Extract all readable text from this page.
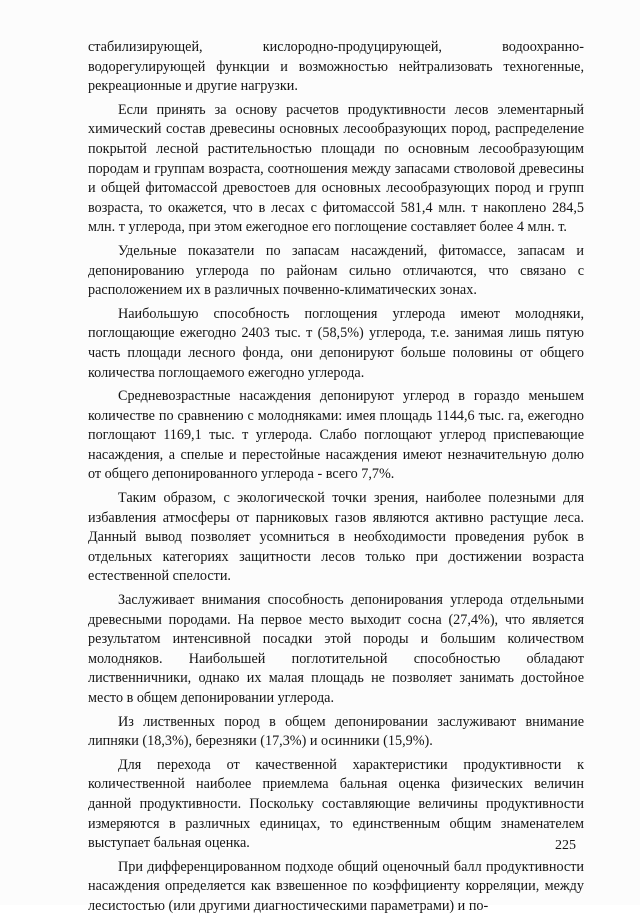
стабилизирующей, кислородно-продуцирующей, водоохранно-водорегулирующей функции и возможностью нейтрализовать техногенные, рекреационные и другие нагрузки.

Если принять за основу расчетов продуктивности лесов элементарный химический состав древесины основных лесообразующих пород, распределение покрытой лесной растительностью площади по основным лесообразующим породам и группам возраста, соотношения между запасами стволовой древесины и общей фитомассой древостоев для основных лесообразующих пород и групп возраста, то окажется, что в лесах с фитомассой 581,4 млн. т накоплено 284,5 млн. т углерода, при этом ежегодное его поглощение составляет более 4 млн. т.

Удельные показатели по запасам насаждений, фитомассе, запасам и депонированию углерода по районам сильно отличаются, что связано с расположением их в различных почвенно-климатических зонах.

Наибольшую способность поглощения углерода имеют молодняки, поглощающие ежегодно 2403 тыс. т (58,5%) углерода, т.е. занимая лишь пятую часть площади лесного фонда, они депонируют больше половины от общего количества поглощаемого ежегодно углерода.

Средневозрастные насаждения депонируют углерод в гораздо меньшем количестве по сравнению с молодняками: имея площадь 1144,6 тыс. га, ежегодно поглощают 1169,1 тыс. т углерода. Слабо поглощают углерод приспевающие насаждения, а спелые и перестойные насаждения имеют незначительную долю от общего депонированного углерода - всего 7,7%.

Таким образом, с экологической точки зрения, наиболее полезными для избавления атмосферы от парниковых газов являются активно растущие леса. Данный вывод позволяет усомниться в необходимости проведения рубок в отдельных категориях защитности лесов только при достижении возраста естественной спелости.

Заслуживает внимания способность депонирования углерода отдельными древесными породами. На первое место выходит сосна (27,4%), что является результатом интенсивной посадки этой породы и большим количеством молодняков. Наибольшей поглотительной способностью обладают лиственничники, однако их малая площадь не позволяет занимать достойное место в общем депонировании углерода.

Из лиственных пород в общем депонировании заслуживают внимание липняки (18,3%), березняки (17,3%) и осинники (15,9%).

Для перехода от качественной характеристики продуктивности к количественной наиболее приемлема бальная оценка физических величин данной продуктивности. Поскольку составляющие величины продуктивности измеряются в различных единицах, то единственным общим знаменателем выступает бальная оценка.

При дифференцированном подходе общий оценочный балл продуктивности насаждения определяется как взвешенное по коэффициенту корреляции, между лесистостью (или другими диагностическими параметрами) и по-

225
